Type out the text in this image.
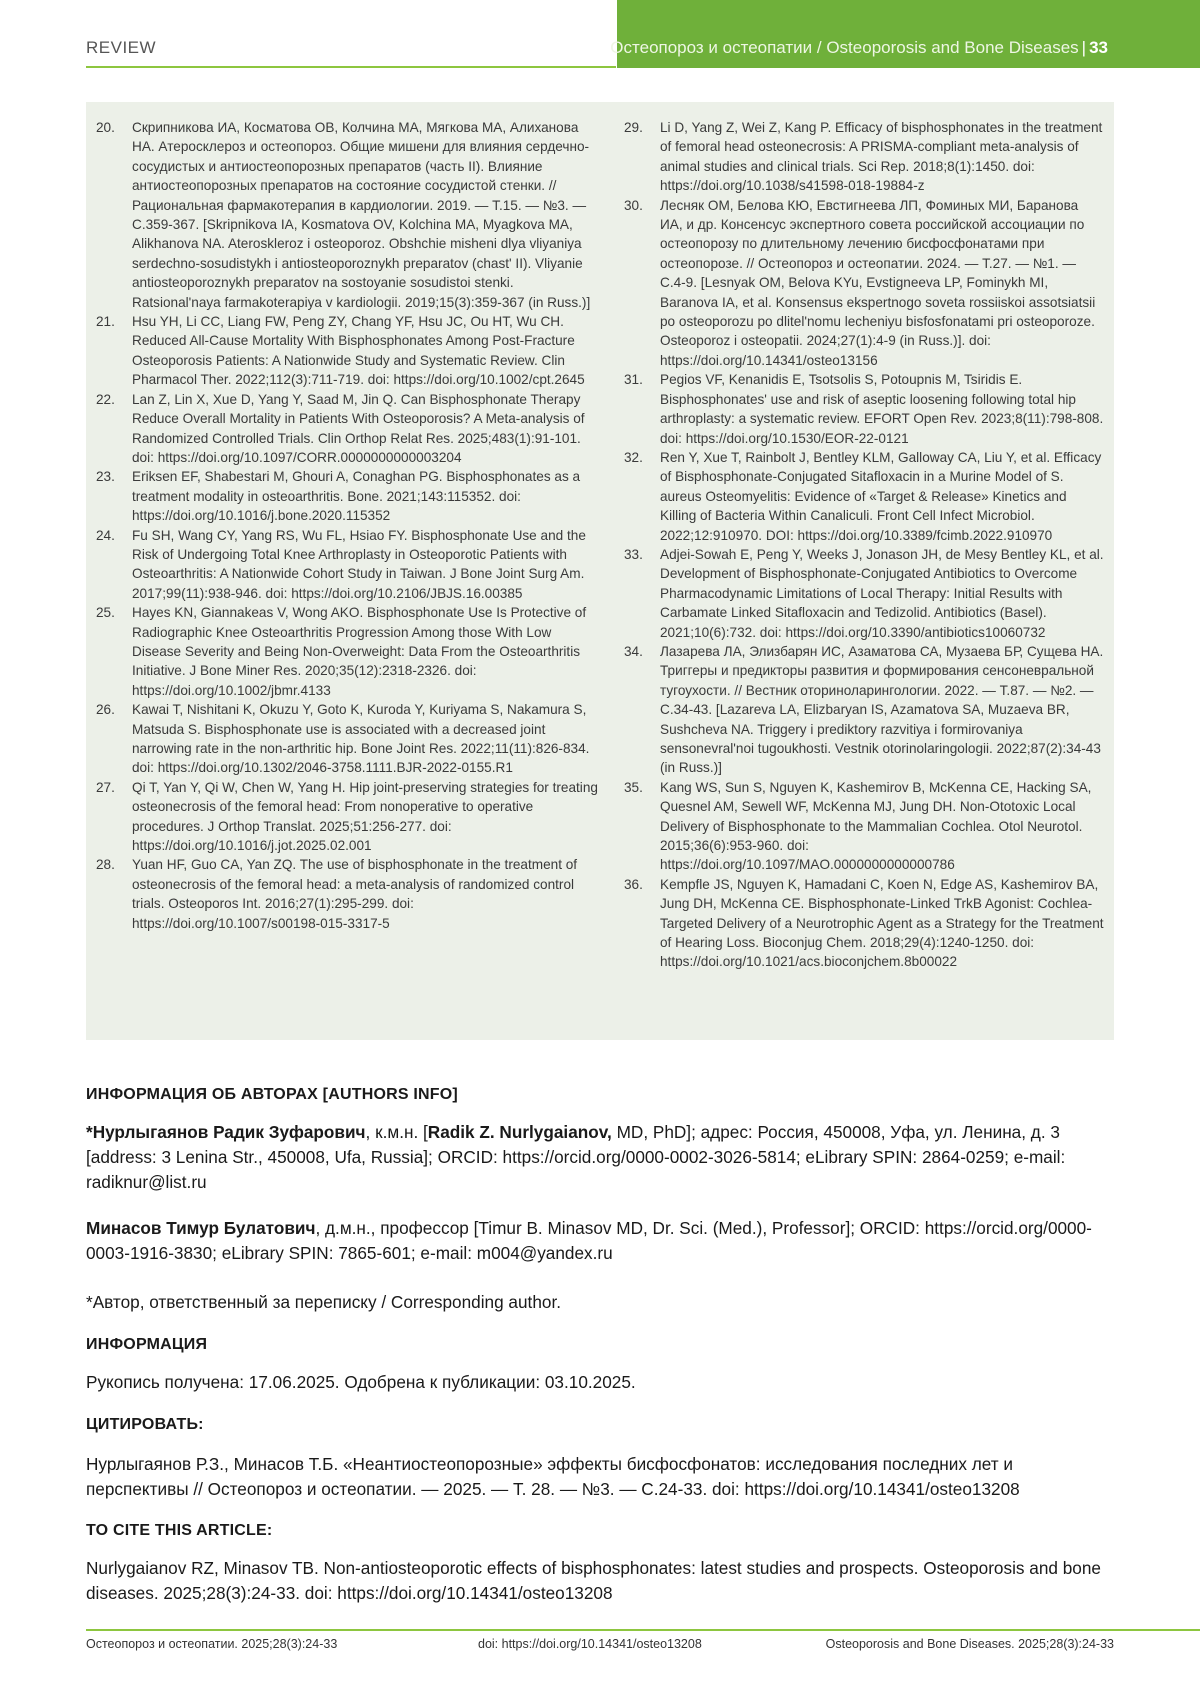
REVIEW	Остеопороз и остеопатии / Osteoporosis and Bone Diseases | 33
20. Скрипникова ИА, Косматова ОВ, Колчина МА, Мягкова МА, Алиханова НА. Атеросклероз и остеопороз. Общие мишени для влияния сердечно-сосудистых и антиостеопорозных препаратов (часть II). Влияние антиостеопорозных препаратов на состояние сосудистой стенки. // Рациональная фармакотерапия в кардиологии. 2019. — Т.15. — №3. — С.359-367. [Skripnikova IA, Kosmatova OV, Kolchina MA, Myagkova MA, Alikhanova NA. Ateroskleroz i osteoporoz. Obshchie misheni dlya vliyaniya serdechno-sosudistykh i antiosteoporoznykh preparatov (chast' II). Vliyanie antiosteoporoznykh preparatov na sostoyanie sosudistoi stenki. Ratsional'naya farmakoterapiya v kardiologii. 2019;15(3):359-367 (in Russ.)]
21. Hsu YH, Li CC, Liang FW, Peng ZY, Chang YF, Hsu JC, Ou HT, Wu CH. Reduced All-Cause Mortality With Bisphosphonates Among Post-Fracture Osteoporosis Patients: A Nationwide Study and Systematic Review. Clin Pharmacol Ther. 2022;112(3):711-719. doi: https://doi.org/10.1002/cpt.2645
22. Lan Z, Lin X, Xue D, Yang Y, Saad M, Jin Q. Can Bisphosphonate Therapy Reduce Overall Mortality in Patients With Osteoporosis? A Meta-analysis of Randomized Controlled Trials. Clin Orthop Relat Res. 2025;483(1):91-101. doi: https://doi.org/10.1097/CORR.0000000000003204
23. Eriksen EF, Shabestari M, Ghouri A, Conaghan PG. Bisphosphonates as a treatment modality in osteoarthritis. Bone. 2021;143:115352. doi: https://doi.org/10.1016/j.bone.2020.115352
24. Fu SH, Wang CY, Yang RS, Wu FL, Hsiao FY. Bisphosphonate Use and the Risk of Undergoing Total Knee Arthroplasty in Osteoporotic Patients with Osteoarthritis: A Nationwide Cohort Study in Taiwan. J Bone Joint Surg Am. 2017;99(11):938-946. doi: https://doi.org/10.2106/JBJS.16.00385
25. Hayes KN, Giannakeas V, Wong AKO. Bisphosphonate Use Is Protective of Radiographic Knee Osteoarthritis Progression Among those With Low Disease Severity and Being Non-Overweight: Data From the Osteoarthritis Initiative. J Bone Miner Res. 2020;35(12):2318-2326. doi: https://doi.org/10.1002/jbmr.4133
26. Kawai T, Nishitani K, Okuzu Y, Goto K, Kuroda Y, Kuriyama S, Nakamura S, Matsuda S. Bisphosphonate use is associated with a decreased joint narrowing rate in the non-arthritic hip. Bone Joint Res. 2022;11(11):826-834. doi: https://doi.org/10.1302/2046-3758.1111.BJR-2022-0155.R1
27. Qi T, Yan Y, Qi W, Chen W, Yang H. Hip joint-preserving strategies for treating osteonecrosis of the femoral head: From nonoperative to operative procedures. J Orthop Translat. 2025;51:256-277. doi: https://doi.org/10.1016/j.jot.2025.02.001
28. Yuan HF, Guo CA, Yan ZQ. The use of bisphosphonate in the treatment of osteonecrosis of the femoral head: a meta-analysis of randomized control trials. Osteoporos Int. 2016;27(1):295-299. doi: https://doi.org/10.1007/s00198-015-3317-5
29. Li D, Yang Z, Wei Z, Kang P. Efficacy of bisphosphonates in the treatment of femoral head osteonecrosis: A PRISMA-compliant meta-analysis of animal studies and clinical trials. Sci Rep. 2018;8(1):1450. doi: https://doi.org/10.1038/s41598-018-19884-z
30. Лесняк ОМ, Белова КЮ, Евстигнеева ЛП, Фоминых МИ, Баранова ИА, и др. Консенсус экспертного совета российской ассоциации по остеопорозу по длительному лечению бисфосфонатами при остеопорозе. // Остеопороз и остеопатии. 2024. — Т.27. — №1. — С.4-9. [Lesnyak OM, Belova KYu, Evstigneeva LP, Fominykh MI, Baranova IA, et al. Konsensus ekspertnogo soveta rossiiskoi assotsiatsii po osteoporozu po dlitel'nomu lecheniyu bisfosfonatami pri osteoporoze. Osteoporoz i osteopatii. 2024;27(1):4-9 (in Russ.)]. doi: https://doi.org/10.14341/osteo13156
31. Pegios VF, Kenanidis E, Tsotsolis S, Potoupnis M, Tsiridis E. Bisphosphonates' use and risk of aseptic loosening following total hip arthroplasty: a systematic review. EFORT Open Rev. 2023;8(11):798-808. doi: https://doi.org/10.1530/EOR-22-0121
32. Ren Y, Xue T, Rainbolt J, Bentley KLM, Galloway CA, Liu Y, et al. Efficacy of Bisphosphonate-Conjugated Sitafloxacin in a Murine Model of S. aureus Osteomyelitis: Evidence of «Target & Release» Kinetics and Killing of Bacteria Within Canaliculi. Front Cell Infect Microbiol. 2022;12:910970. DOI: https://doi.org/10.3389/fcimb.2022.910970
33. Adjei-Sowah E, Peng Y, Weeks J, Jonason JH, de Mesy Bentley KL, et al. Development of Bisphosphonate-Conjugated Antibiotics to Overcome Pharmacodynamic Limitations of Local Therapy: Initial Results with Carbamate Linked Sitafloxacin and Tedizolid. Antibiotics (Basel). 2021;10(6):732. doi: https://doi.org/10.3390/antibiotics10060732
34. Лазарева ЛА, Элизбарян ИС, Азаматова СА, Музаева БР, Сущева НА. Триггеры и предикторы развития и формирования сенсоневральной тугоухости. // Вестник оториноларингологии. 2022. — Т.87. — №2. — С.34-43. [Lazareva LA, Elizbaryan IS, Azamatova SA, Muzaeva BR, Sushcheva NA. Triggery i prediktory razvitiya i formirovaniya sensonevral'noi tugoukhosti. Vestnik otorinolaringologii. 2022;87(2):34-43 (in Russ.)]
35. Kang WS, Sun S, Nguyen K, Kashemirov B, McKenna CE, Hacking SA, Quesnel AM, Sewell WF, McKenna MJ, Jung DH. Non-Ototoxic Local Delivery of Bisphosphonate to the Mammalian Cochlea. Otol Neurotol. 2015;36(6):953-960. doi: https://doi.org/10.1097/MAO.0000000000000786
36. Kempfle JS, Nguyen K, Hamadani C, Koen N, Edge AS, Kashemirov BA, Jung DH, McKenna CE. Bisphosphonate-Linked TrkB Agonist: Cochlea-Targeted Delivery of a Neurotrophic Agent as a Strategy for the Treatment of Hearing Loss. Bioconjug Chem. 2018;29(4):1240-1250. doi: https://doi.org/10.1021/acs.bioconjchem.8b00022
ИНФОРМАЦИЯ ОБ АВТОРАХ [AUTHORS INFO]
*Нурлыгаянов Радик Зуфарович, к.м.н. [Radik Z. Nurlygaianov, MD, PhD]; адрес: Россия, 450008, Уфа, ул. Ленина, д. 3 [address: 3 Lenina Str., 450008, Ufa, Russia]; ORCID: https://orcid.org/0000-0002-3026-5814; eLibrary SPIN: 2864-0259; e-mail: radiknur@list.ru
Минасов Тимур Булатович, д.м.н., профессор [Timur B. Minasov MD, Dr. Sci. (Med.), Professor]; ORCID: https://orcid.org/0000-0003-1916-3830; eLibrary SPIN: 7865-601; e-mail: m004@yandex.ru
*Автор, ответственный за переписку / Corresponding author.
ИНФОРМАЦИЯ
Рукопись получена: 17.06.2025. Одобрена к публикации: 03.10.2025.
ЦИТИРОВАТЬ:
Нурлыгаянов Р.З., Минасов Т.Б. «Неантиостеопорозные» эффекты бисфосфонатов: исследования последних лет и перспективы // Остеопороз и остеопатии. — 2025. — Т. 28. — №3. — С.24-33. doi: https://doi.org/10.14341/osteo13208
TO CITE THIS ARTICLE:
Nurlygaianov RZ, Minasov TB. Non-antiosteoporotic effects of bisphosphonates: latest studies and prospects. Osteoporosis and bone diseases. 2025;28(3):24-33. doi: https://doi.org/10.14341/osteo13208
Остеопороз и остеопатии. 2025;28(3):24-33	doi: https://doi.org/10.14341/osteo13208	Osteoporosis and Bone Diseases. 2025;28(3):24-33
